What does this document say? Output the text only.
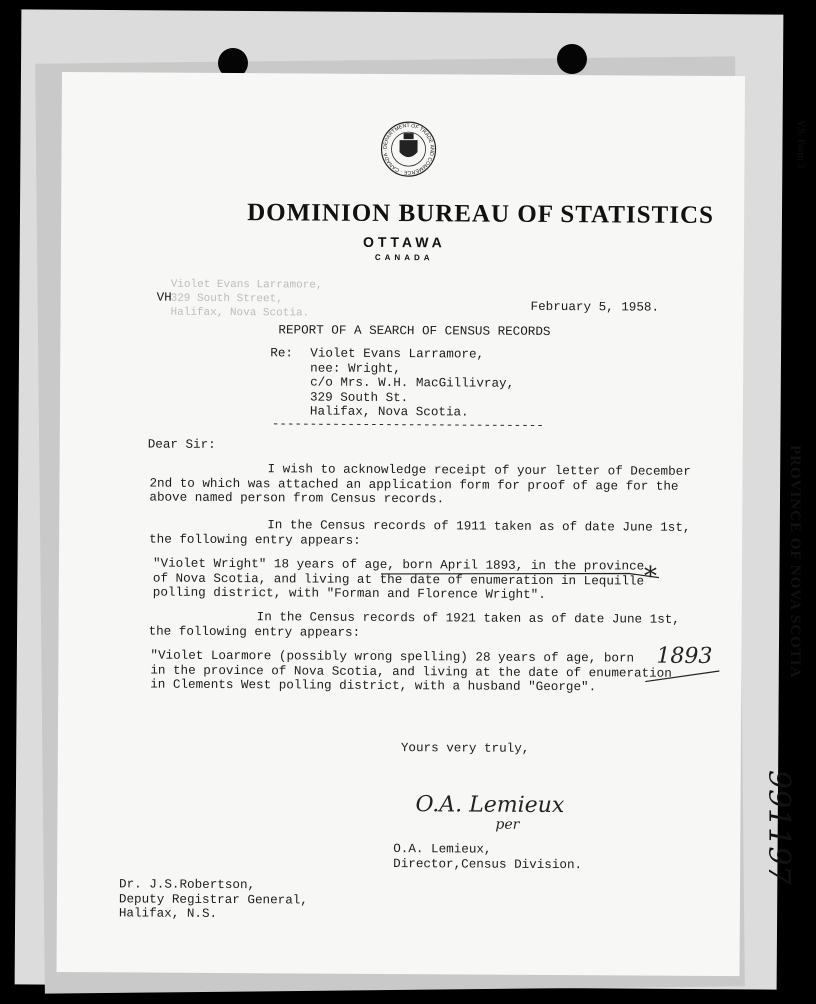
V.S. Form 3
PROVINCE OF NOVA SCOTIA
991197
Violet Evans Larramore,
329 South Street,
Halifax, Nova Scotia.
DEPARTMENT OF TRADE AND COMMERCE · CANADA ·
DOMINION BUREAU OF STATISTICS
OTTAWA
CANADA
VH
February 5, 1958.
REPORT OF A SEARCH OF CENSUS RECORDS
Re: Violet Evans Larramore,
nee: Wright,
c/o Mrs. W.H. MacGillivray,
329 South St.
Halifax, Nova Scotia.
------------------------------------
Dear Sir:
I wish to acknowledge receipt of your letter of December
2nd to which was attached an application form for proof of age for the
above named person from Census records.
In the Census records of 1911 taken as of date June 1st,
the following entry appears:
"Violet Wright" 18 years of age, born April 1893, in the province
of Nova Scotia, and living at the date of enumeration in Lequille
polling district, with "Forman and Florence Wright".
*
In the Census records of 1921 taken as of date June 1st,
the following entry appears:
"Violet Loarmore (possibly wrong spelling) 28 years of age, born
in the province of Nova Scotia, and living at the date of enumeration
in Clements West polling district, with a husband "George".
1893
Yours very truly,
O.A. Lemieux
per
O.A. Lemieux,
Director,Census Division.
Dr. J.S.Robertson,
Deputy Registrar General,
Halifax, N.S.
